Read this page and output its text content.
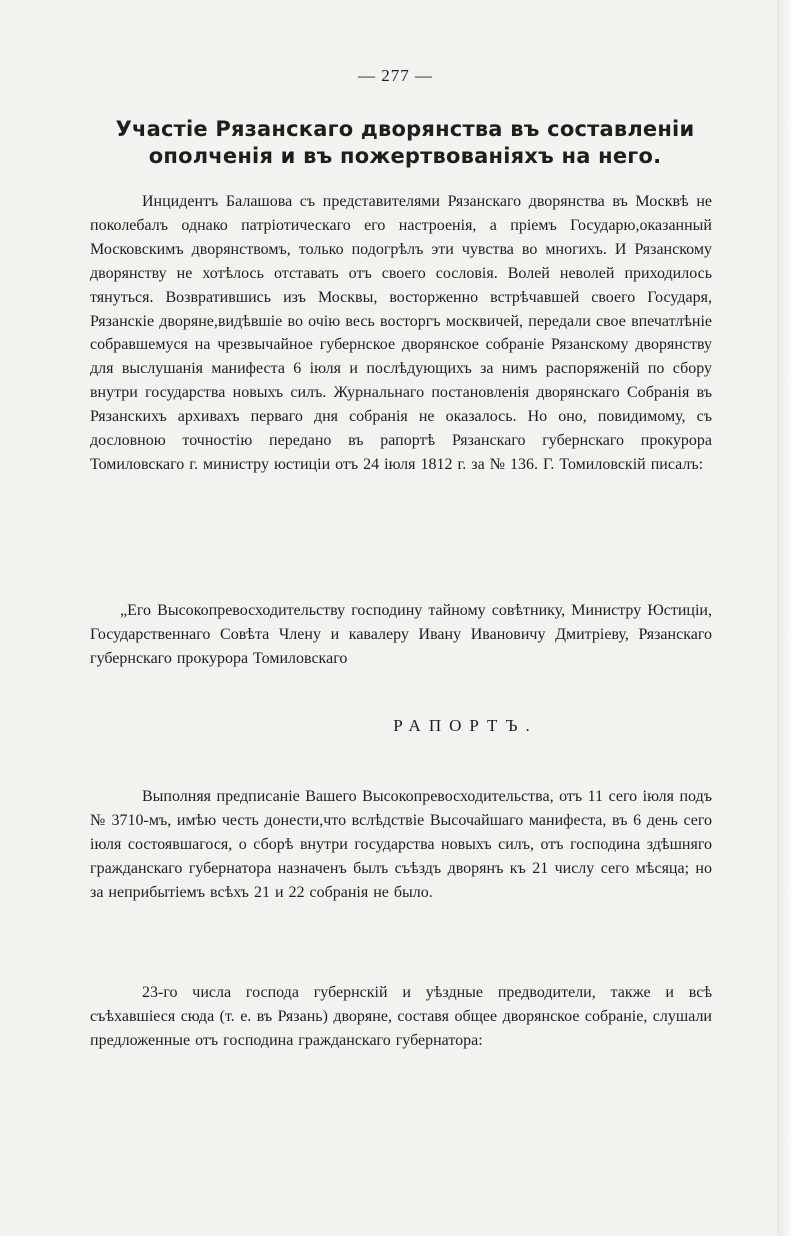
— 277 —
Участіе Рязанскаго дворянства въ составленіи ополченія и въ пожертвованіяхъ на него.

Инцидентъ Балашова съ представителями Рязанскаго дворянства въ Москвѣ не поколебалъ однако патріотическаго его настроенія, а пріемъ Государю,оказанный Московскимъ дворянствомъ, только подогрѣлъ эти чувства во многихъ. И Рязанскому дворянству не хотѣлось отставать отъ своего сословія. Волей неволей приходилось тянуться. Возвратившись изъ Москвы, восторженно встрѣчавшей своего Государя, Рязанскіе дворяне,видѣвшіе во очію весь восторгъ москвичей, передали свое впечатлѣніе собравшемуся на чрезвычайное губернское дворянское собраніе Рязанскому дворянству для выслушанія манифеста 6 іюля и послѣдующихъ за нимъ распоряженій по сбору внутри государства новыхъ силъ. Журнальнаго постановленія дворянскаго Собранія въ Рязанскихъ архивахъ перваго дня собранія не оказалось. Но оно, повидимому, съ дословною точностію передано въ рапортѣ Рязанскаго губернскаго прокурора Томиловскаго г. министру юстиціи отъ 24 іюля 1812 г. за № 136. Г. Томиловскій писалъ:

„Его Высокопревосходительству господину тайному совѣтнику, Министру Юстиціи, Государственнаго Совѣта Члену и кавалеру Ивану Ивановичу Дмитріеву, Рязанскаго губернскаго прокурора Томиловскаго

РАПОРТЪ.

Выполняя предписаніе Вашего Высокопревосходительства, отъ 11 сего іюля подъ № 3710-мъ, имѣю честь донести,что вслѣдствіе Высочайшаго манифеста, въ 6 день сего іюля состоявшагося, о сборѣ внутри государства новыхъ силъ, отъ господина здѣшняго гражданскаго губернатора назначенъ былъ съѣздъ дворянъ къ 21 числу сего мѣсяца; но за неприбытіемъ всѣхъ 21 и 22 собранія не было.

23-го числа господа губернскій и уѣздные предводители, также и всѣ съѣхавшіеся сюда (т. е. въ Рязань) дворяне, составя общее дворянское собраніе, слушали предложенные отъ господина гражданскаго губернатора:
